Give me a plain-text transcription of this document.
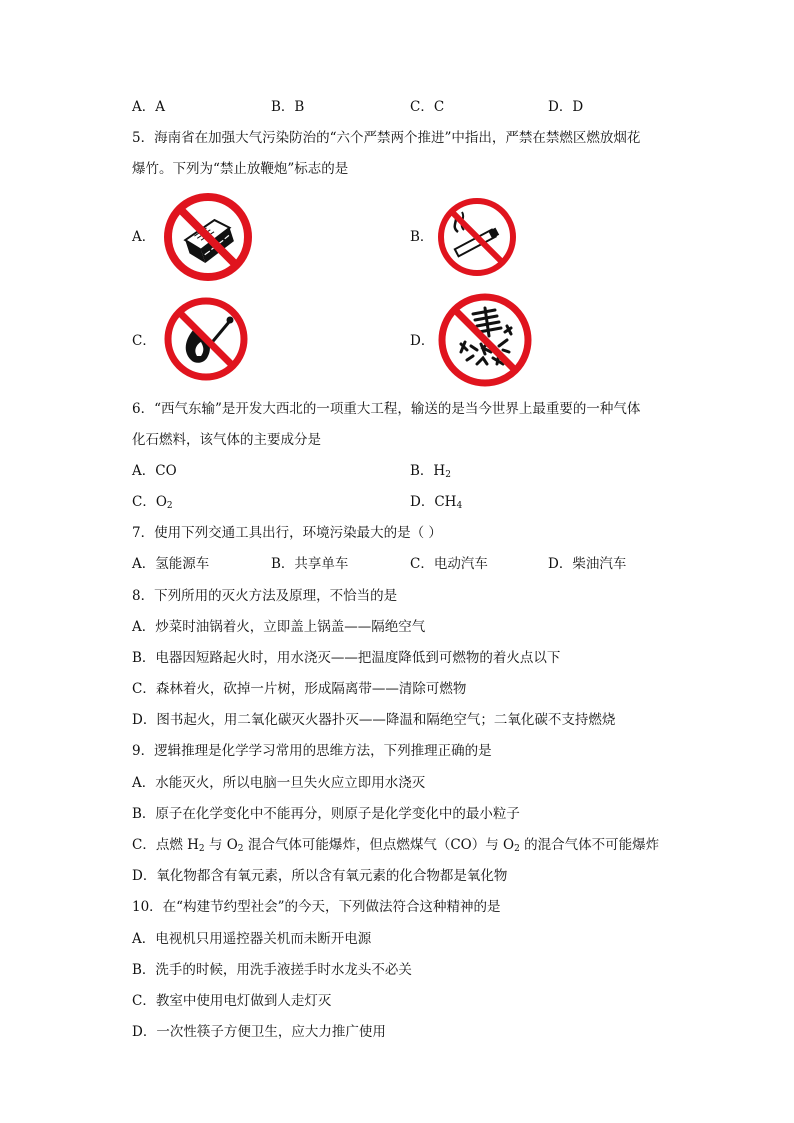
A．A	B．B	C．C	D．D
5．海南省在加强大气污染防治的“六个严禁两个推进”中指出，严禁在禁燃区燃放烟花
爆竹。下列为“禁止放鞭炮”标志的是
A．	B．
C．	D．
6．“西气东输”是开发大西北的一项重大工程，输送的是当今世界上最重要的一种气体
化石燃料，该气体的主要成分是
A．CO	B．$H_2$
C．$O_2$	D．$CH_4$
7．使用下列交通工具出行，环境污染最大的是（ ）
A．氢能源车	B．共享单车	C．电动汽车	D．柴油汽车
8．下列所用的灭火方法及原理，不恰当的是
A．炒菜时油锅着火，立即盖上锅盖——隔绝空气
B．电器因短路起火时，用水浇灭——把温度降低到可燃物的着火点以下
C．森林着火，砍掉一片树，形成隔离带——清除可燃物
D．图书起火，用二氧化碳灭火器扑灭——降温和隔绝空气；二氧化碳不支持燃烧
9．逻辑推理是化学学习常用的思维方法，下列推理正确的是
A．水能灭火，所以电脑一旦失火应立即用水浇灭
B．原子在化学变化中不能再分，则原子是化学变化中的最小粒子
C．点燃 $H_2$ 与 $O_2$ 混合气体可能爆炸，但点燃煤气（CO）与 $O_2$ 的混合气体不可能爆炸
D．氧化物都含有氧元素，所以含有氧元素的化合物都是氧化物
10．在“构建节约型社会”的今天，下列做法符合这种精神的是
A．电视机只用遥控器关机而未断开电源
B．洗手的时候，用洗手液搓手时水龙头不必关
C．教室中使用电灯做到人走灯灭
D．一次性筷子方便卫生，应大力推广使用
